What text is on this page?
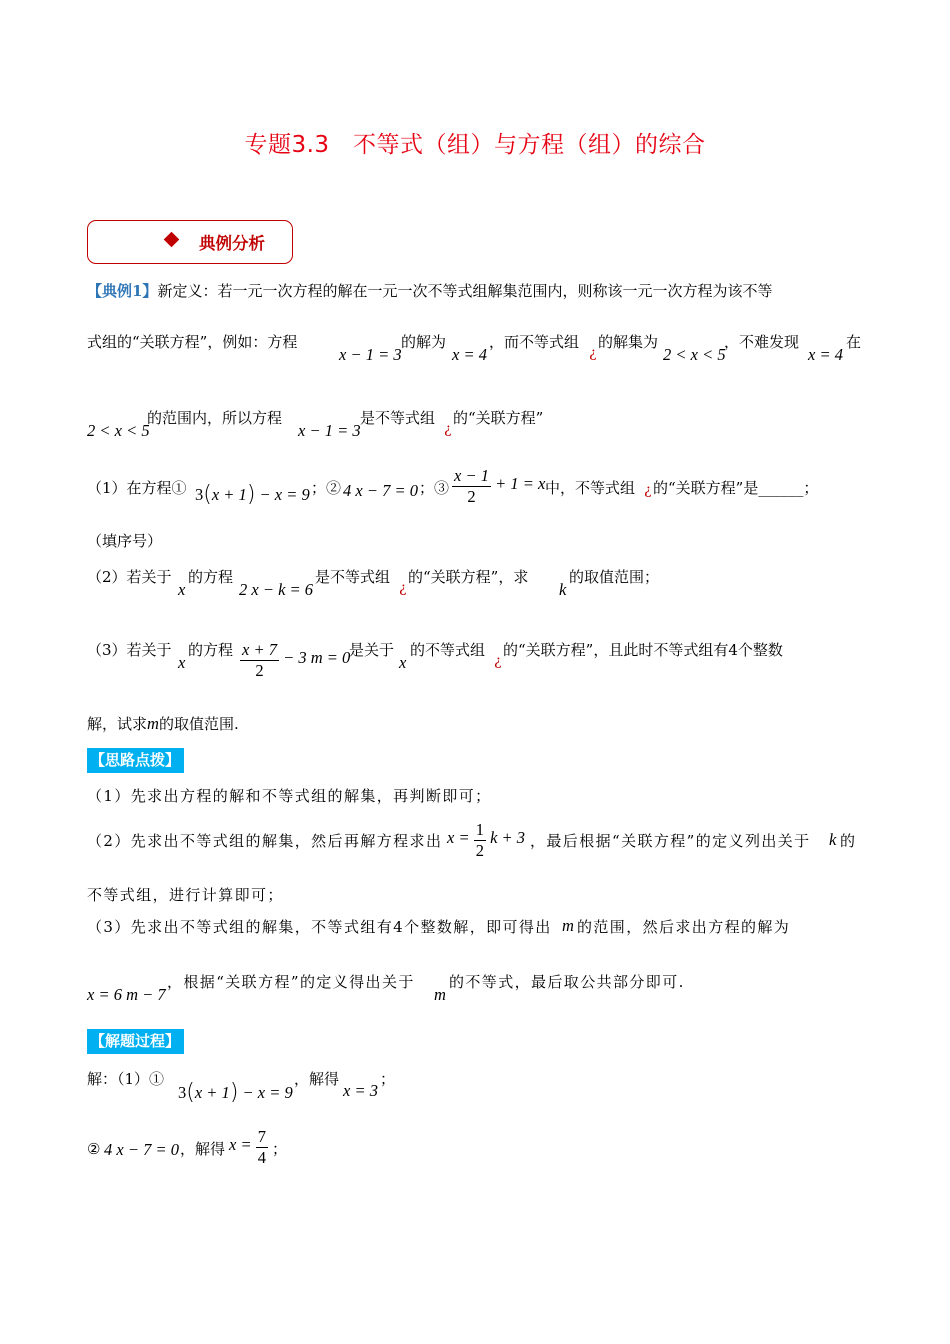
专题3.3　不等式（组）与方程（组）的综合
典例分析
【典例1】新定义：若一元一次方程的解在一元一次不等式组解集范围内，则称该一元一次方程为该不等
式组的“关联方程”，例如：方程
x − 1 = 3
的解为
x = 4
，而不等式组
¿
的解集为
2 < x < 5
，不难发现
x = 4
在
2 < x < 5
的范围内，所以方程
x − 1 = 3
是不等式组
¿
的“关联方程”
（1）在方程① 3(x + 1) − x = 9 ；② 4 x − 7 = 0 ；③ $\frac{x - 1}{2} + 1 = x$ 中，不等式组 ¿ 的“关联方程”是______；
（填序号）
（2）若关于
x
的方程
2 x − k = 6
是不等式组
¿
的“关联方程”，求
k
的取值范围；
（3）若关于
x
的方程 $\frac{x + 7}{2} - 3$ m = 0
是关于
x
的不等式组
¿
的“关联方程”，且此时不等式组有4个整数
解，试求m的取值范围.
【思路点拨】
（1）先求出方程的解和不等式组的解集，再判断即可；
（2）先求出不等式组的解集，然后再解方程求出 $x = \frac{1}{2}$ k + 3 ，最后根据“关联方程”的定义列出关于 k 的
不等式组，进行计算即可；
（3）先求出不等式组的解集，不等式组有4个整数解，即可得出 m 的范围，然后求出方程的解为
x = 6 m − 7
，根据“关联方程”的定义得出关于
m
的不等式，最后取公共部分即可.
【解题过程】
解：（1）①
3(x + 1) − x = 9
，解得
x = 3
；
② 4 x − 7 = 0 ，解得 $x = \frac{7}{4}$ ；
